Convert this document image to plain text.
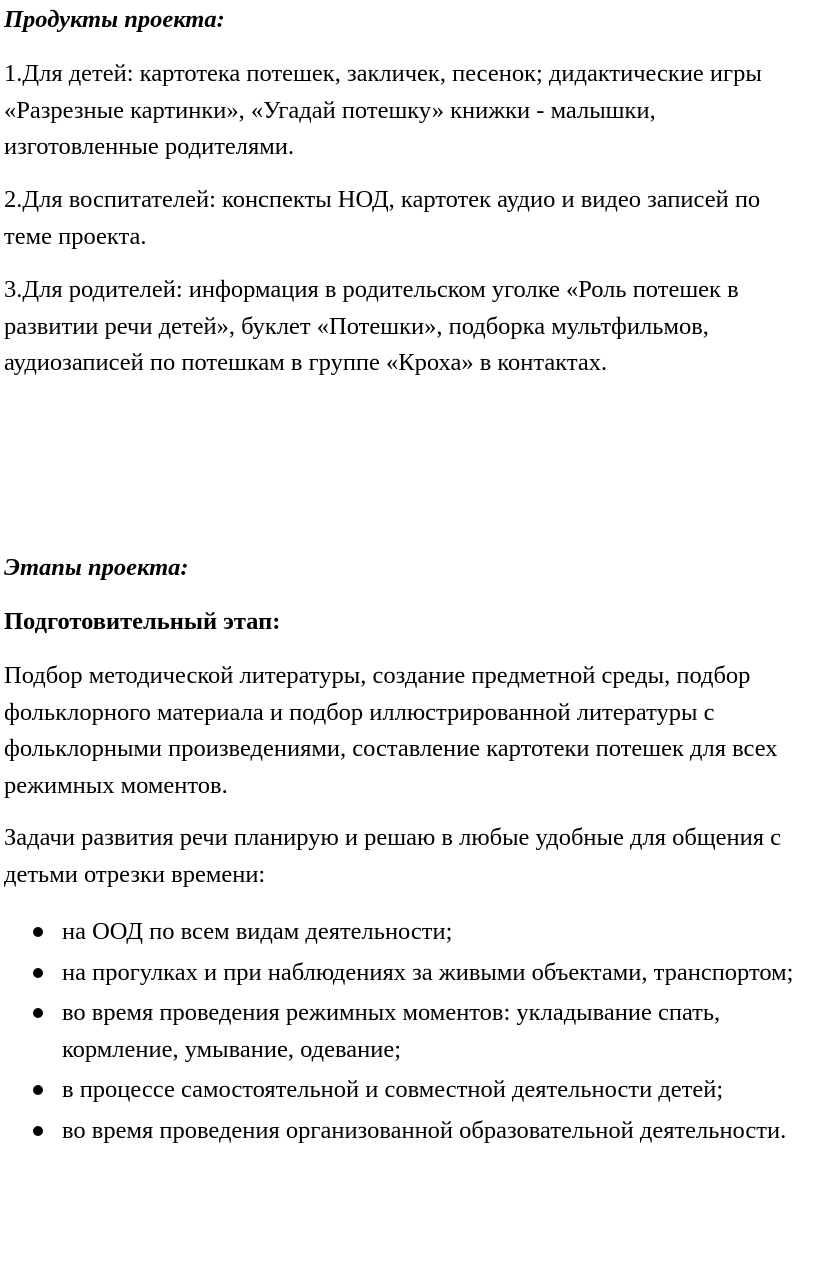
Продукты проекта:

1.Для детей: картотека потешек, закличек, песенок; дидактические игры «Разрезные картинки», «Угадай потешку» книжки - малышки, изготовленные родителями.

2.Для воспитателей: конспекты НОД, картотек аудио и видео записей по теме проекта.

3.Для родителей: информация в родительском уголке «Роль потешек в развитии речи детей», буклет «Потешки», подборка мультфильмов, аудиозаписей по потешкам в группе «Кроха» в контактах.

Этапы проекта:

Подготовительный этап:

Подбор методической литературы, создание предметной среды, подбор фольклорного материала и подбор иллюстрированной литературы с фольклорными произведениями, составление картотеки потешек для всех режимных моментов.

Задачи развития речи планирую и решаю в любые удобные для общения с детьми отрезки времени:

на ООД по всем видам деятельности;
на прогулках и при наблюдениях за живыми объектами, транспортом;
во время проведения режимных моментов: укладывание спать, кормление, умывание, одевание;
в процессе самостоятельной и совместной деятельности детей;
во время проведения организованной образовательной деятельности.
